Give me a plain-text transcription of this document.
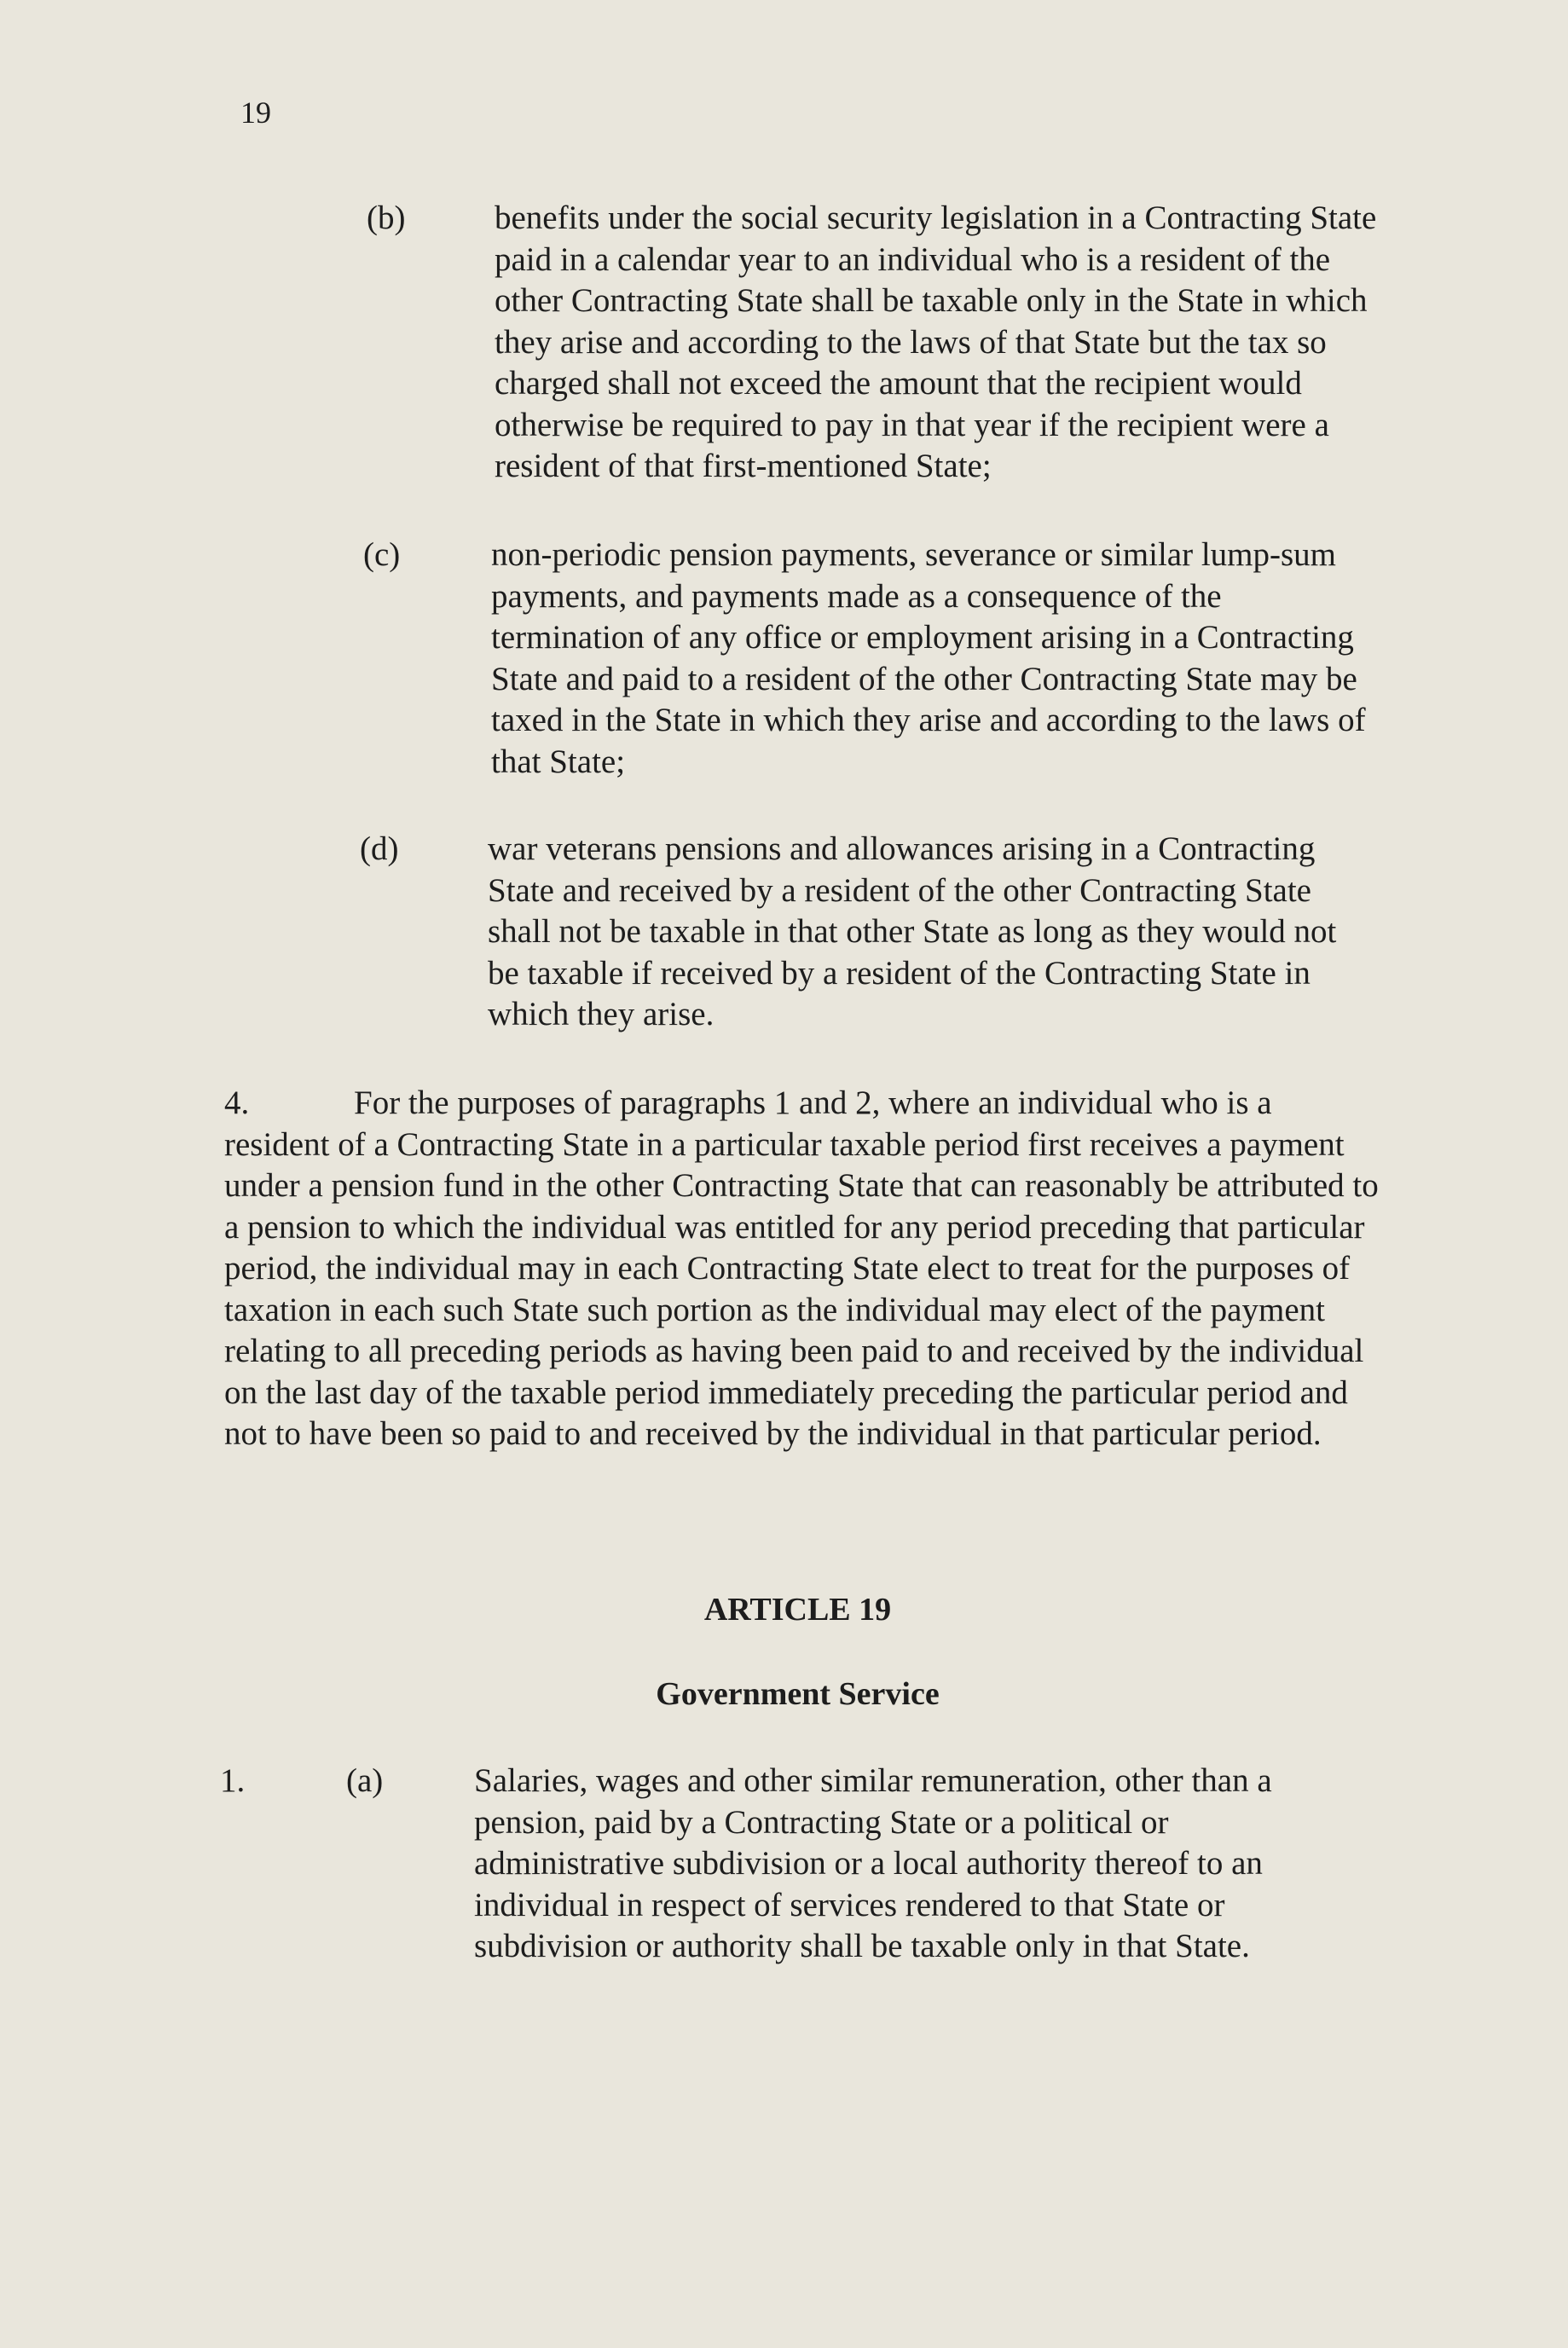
19
(b)	benefits under the social security legislation in a Contracting State paid in a calendar year to an individual who is a resident of the other Contracting State shall be taxable only in the State in which they arise and according to the laws of that State but the tax so charged shall not exceed the amount that the recipient would otherwise be required to pay in that year if the recipient were a resident of that first-mentioned State;
(c)	non-periodic pension payments, severance or similar lump-sum payments, and payments made as a consequence of the termination of any office or employment arising in a Contracting State and paid to a resident of the other Contracting State may be taxed in the State in which they arise and according to the laws of that State;
(d)	war veterans pensions and allowances arising in a Contracting State and received by a resident of the other Contracting State shall not be taxable in that other State as long as they would not be taxable if received by a resident of the Contracting State in which they arise.
4.	For the purposes of paragraphs 1 and 2, where an individual who is a resident of a Contracting State in a particular taxable period first receives a payment under a pension fund in the other Contracting State that can reasonably be attributed to a pension to which the individual was entitled for any period preceding that particular period, the individual may in each Contracting State elect to treat for the purposes of taxation in each such State such portion as the individual may elect of the payment relating to all preceding periods as having been paid to and received by the individual on the last day of the taxable period immediately preceding the particular period and not to have been so paid to and received by the individual in that particular period.
ARTICLE 19
Government Service
1.	(a)	Salaries, wages and other similar remuneration, other than a pension, paid by a Contracting State or a political or administrative subdivision or a local authority thereof to an individual in respect of services rendered to that State or subdivision or authority shall be taxable only in that State.
